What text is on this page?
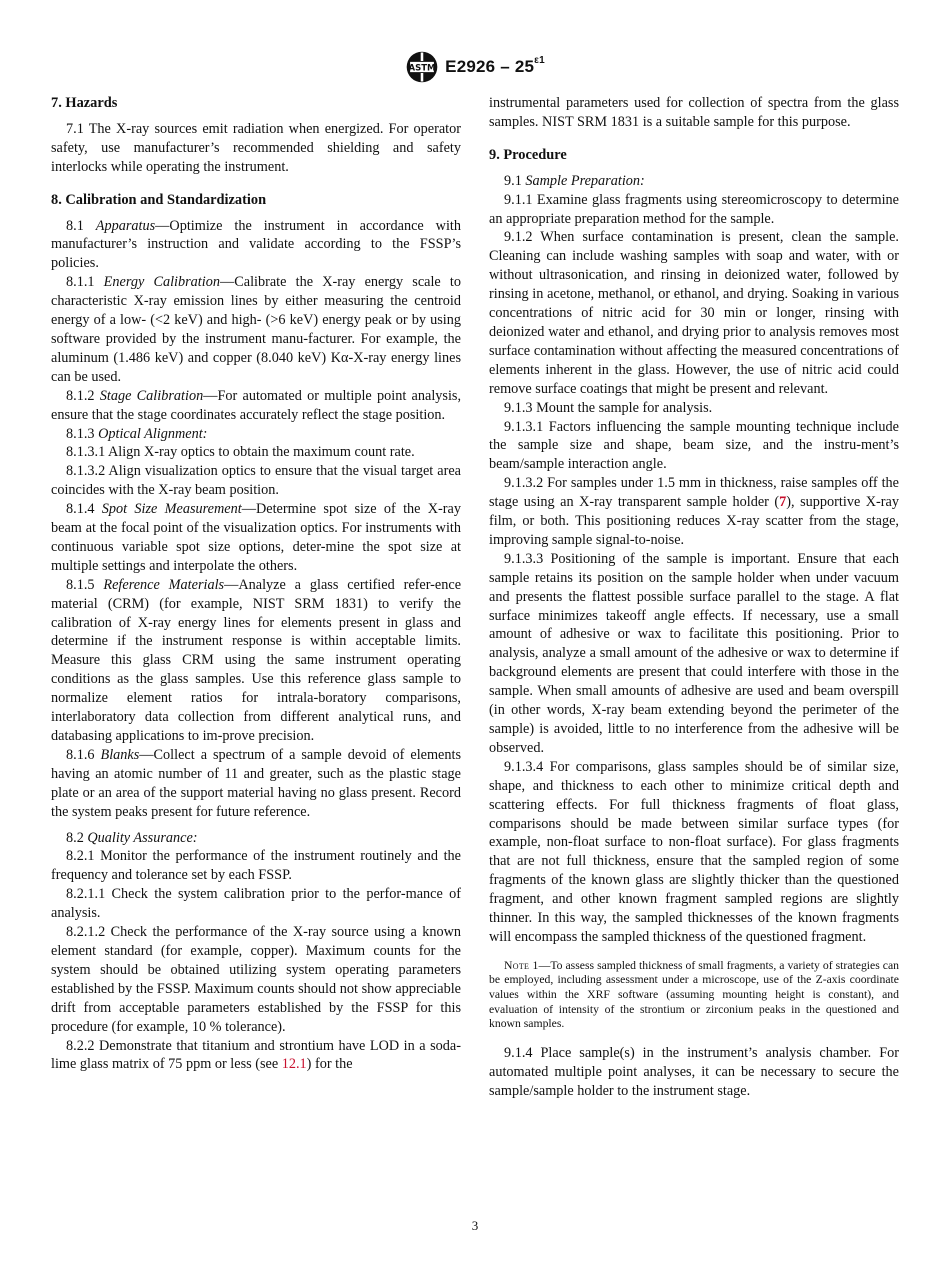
ASTM $E2926 - 25^{\varepsilon 1}$
7. Hazards

7.1 The X-ray sources emit radiation when energized. For operator safety, use manufacturer’s recommended shielding and safety interlocks while operating the instrument.

8. Calibration and Standardization

8.1 Apparatus—Optimize the instrument in accordance with manufacturer’s instruction and validate according to the FSSP’s policies.

8.1.1 Energy Calibration—Calibrate the X-ray energy scale to characteristic X-ray emission lines by either measuring the centroid energy of a low- (<2 keV) and high- (>6 keV) energy peak or by using software provided by the instrument manu-facturer. For example, the aluminum (1.486 keV) and copper (8.040 keV) Kα-X-ray energy lines can be used.

8.1.2 Stage Calibration—For automated or multiple point analysis, ensure that the stage coordinates accurately reflect the stage position.

8.1.3 Optical Alignment:

8.1.3.1 Align X-ray optics to obtain the maximum count rate.

8.1.3.2 Align visualization optics to ensure that the visual target area coincides with the X-ray beam position.

8.1.4 Spot Size Measurement—Determine spot size of the X-ray beam at the focal point of the visualization optics. For instruments with continuous variable spot size options, deter-mine the spot size at multiple settings and interpolate the others.

8.1.5 Reference Materials—Analyze a glass certified refer-ence material (CRM) (for example, NIST SRM 1831) to verify the calibration of X-ray energy lines for elements present in glass and determine if the instrument response is within acceptable limits. Measure this glass CRM using the same instrument operating conditions as the glass samples. Use this reference glass sample to normalize element ratios for intrala-boratory comparisons, interlaboratory data collection from different analytical runs, and databasing applications to im-prove precision.

8.1.6 Blanks—Collect a spectrum of a sample devoid of elements having an atomic number of 11 and greater, such as the plastic stage plate or an area of the support material having no glass present. Record the system peaks present for future reference.

8.2 Quality Assurance:

8.2.1 Monitor the performance of the instrument routinely and the frequency and tolerance set by each FSSP.

8.2.1.1 Check the system calibration prior to the perfor-mance of analysis.

8.2.1.2 Check the performance of the X-ray source using a known element standard (for example, copper). Maximum counts for the system should be obtained utilizing system operating parameters established by the FSSP. Maximum counts should not show appreciable drift from acceptable parameters established by the FSSP for this procedure (for example, 10 % tolerance).

8.2.2 Demonstrate that titanium and strontium have LOD in a soda-lime glass matrix of 75 ppm or less (see 12.1) for the

instrumental parameters used for collection of spectra from the glass samples. NIST SRM 1831 is a suitable sample for this purpose.

9. Procedure

9.1 Sample Preparation:

9.1.1 Examine glass fragments using stereomicroscopy to determine an appropriate preparation method for the sample.

9.1.2 When surface contamination is present, clean the sample. Cleaning can include washing samples with soap and water, with or without ultrasonication, and rinsing in deionized water, followed by rinsing in acetone, methanol, or ethanol, and drying. Soaking in various concentrations of nitric acid for 30 min or longer, rinsing with deionized water and ethanol, and drying prior to analysis removes most surface contamination without affecting the measured concentrations of elements inherent in the glass. However, the use of nitric acid could remove surface coatings that might be present and relevant.

9.1.3 Mount the sample for analysis.

9.1.3.1 Factors influencing the sample mounting technique include the sample size and shape, beam size, and the instru-ment’s beam/sample interaction angle.

9.1.3.2 For samples under 1.5 mm in thickness, raise samples off the stage using an X-ray transparent sample holder (7), supportive X-ray film, or both. This positioning reduces X-ray scatter from the stage, improving sample signal-to-noise.

9.1.3.3 Positioning of the sample is important. Ensure that each sample retains its position on the sample holder when under vacuum and presents the flattest possible surface parallel to the stage. A flat surface minimizes takeoff angle effects. If necessary, use a small amount of adhesive or wax to facilitate this positioning. Prior to analysis, analyze a small amount of the adhesive or wax to determine if background elements are present that could interfere with those in the sample. When small amounts of adhesive are used and beam overspill (in other words, X-ray beam extending beyond the perimeter of the sample) is avoided, little to no interference from the adhesive will be observed.

9.1.3.4 For comparisons, glass samples should be of similar size, shape, and thickness to each other to minimize critical depth and scattering effects. For full thickness fragments of float glass, comparisons should be made between similar surface types (for example, non-float surface to non-float surface). For glass fragments that are not full thickness, ensure that the sampled region of some fragments of the known glass are slightly thicker than the questioned fragment, and other known fragment sampled regions are slightly thinner. In this way, the sampled thicknesses of the known fragments will encompass the sampled thickness of the questioned fragment.

Note 1—To assess sampled thickness of small fragments, a variety of strategies can be employed, including assessment under a microscope, use of the Z-axis coordinate values within the XRF software (assuming mounting height is constant), and evaluation of intensity of the strontium or zirconium peaks in the questioned and known samples.

9.1.4 Place sample(s) in the instrument’s analysis chamber. For automated multiple point analyses, it can be necessary to secure the sample/sample holder to the instrument stage.

3
